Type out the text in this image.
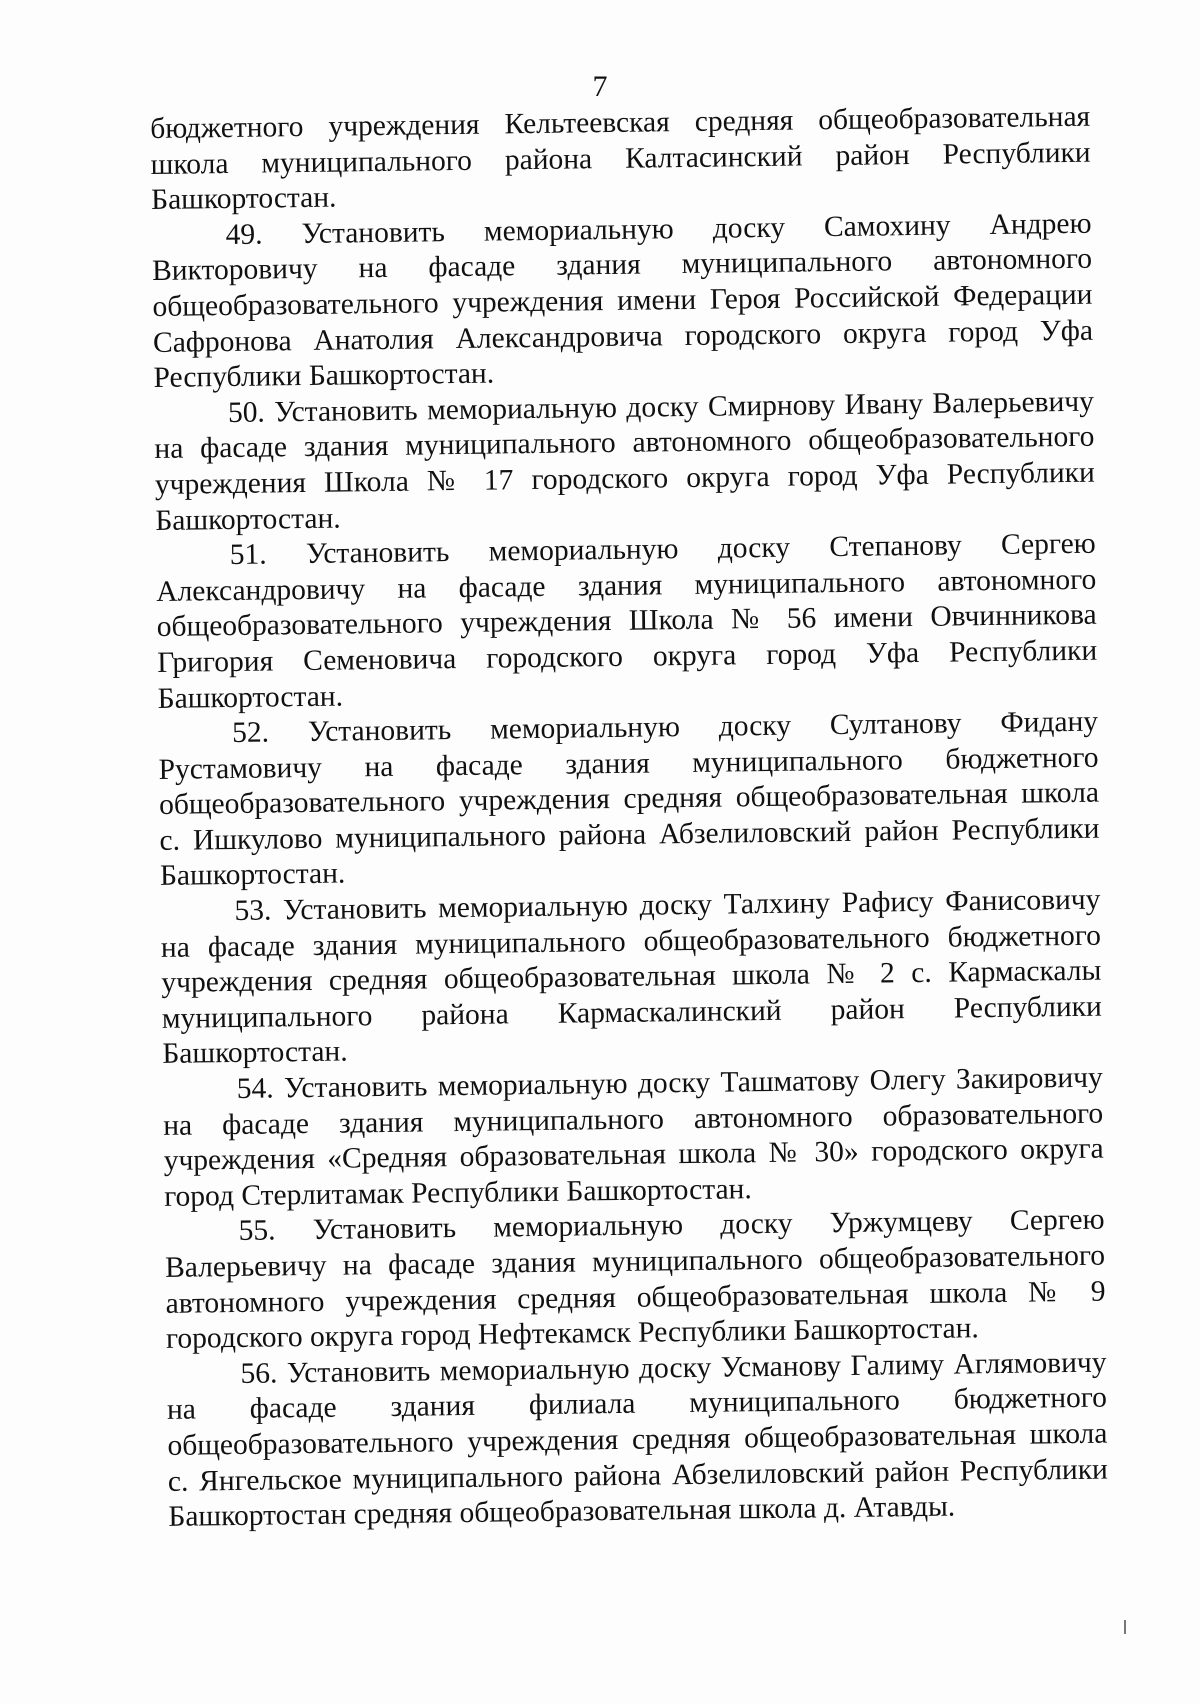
7

бюджетного учреждения Кельтеевская средняя общеобразовательная школа муниципального района Калтасинский район Республики Башкортостан.

49. Установить мемориальную доску Самохину Андрею Викторовичу на фасаде здания муниципального автономного общеобразовательного учреждения имени Героя Российской Федерации Сафронова Анатолия Александровича городского округа город Уфа Республики Башкортостан.

50. Установить мемориальную доску Смирнову Ивану Валерьевичу на фасаде здания муниципального автономного общеобразовательного учреждения Школа № 17 городского округа город Уфа Республики Башкортостан.

51. Установить мемориальную доску Степанову Сергею Александровичу на фасаде здания муниципального автономного общеобразовательного учреждения Школа № 56 имени Овчинникова Григория Семеновича городского округа город Уфа Республики Башкортостан.

52. Установить мемориальную доску Султанову Фидану Рустамовичу на фасаде здания муниципального бюджетного общеобразовательного учреждения средняя общеобразовательная школа с. Ишкулово муниципального района Абзелиловский район Республики Башкортостан.

53. Установить мемориальную доску Талхину Рафису Фанисовичу на фасаде здания муниципального общеобразовательного бюджетного учреждения средняя общеобразовательная школа № 2 с. Кармаскалы муниципального района Кармаскалинский район Республики Башкортостан.

54. Установить мемориальную доску Ташматову Олегу Закировичу на фасаде здания муниципального автономного образовательного учреждения «Средняя образовательная школа № 30» городского округа город Стерлитамак Республики Башкортостан.

55. Установить мемориальную доску Уржумцеву Сергею Валерьевичу на фасаде здания муниципального общеобразовательного автономного учреждения средняя общеобразовательная школа № 9 городского округа город Нефтекамск Республики Башкортостан.

56. Установить мемориальную доску Усманову Галиму Аглямовичу на фасаде здания филиала муниципального бюджетного общеобразовательного учреждения средняя общеобразовательная школа с. Янгельское муниципального района Абзелиловский район Республики Башкортостан средняя общеобразовательная школа д. Атавды.
